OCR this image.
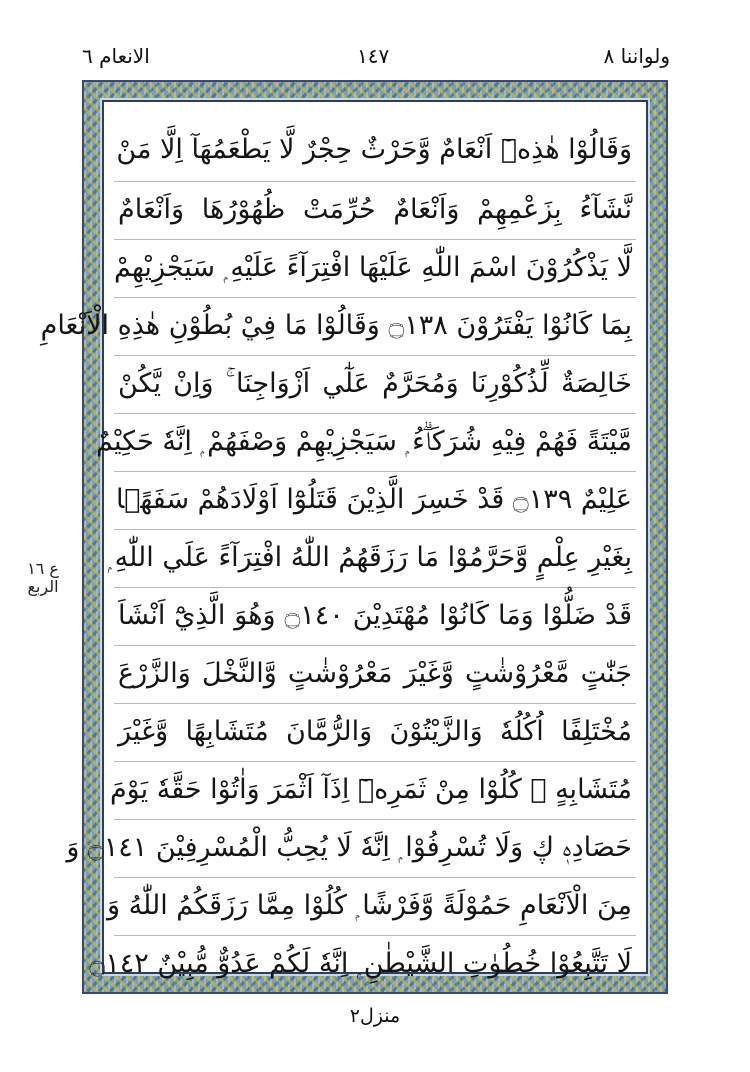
ولواننا ٨
١٤٧
الانعام ٦
ع ١٦
الربع
وَقَالُوْا هٰذِهٖٓ اَنْعَامٌ وَّحَرْثٌ حِجْرٌ لَّا يَطْعَمُهَآ اِلَّا مَنْ
نَّشَآءُ بِزَعْمِهِمْ وَاَنْعَامٌ حُرِّمَتْ ظُهُوْرُهَا وَاَنْعَامٌ
لَّا يَذْكُرُوْنَ اسْمَ اللّٰهِ عَلَيْهَا افْتِرَآءً عَلَيْهِ ۭ سَيَجْزِيْهِمْ
بِمَا كَانُوْا يَفْتَرُوْنَ ۝١٣٨ وَقَالُوْا مَا فِيْ بُطُوْنِ هٰذِهِ الْاَنْعَامِ
خَالِصَةٌ لِّذُكُوْرِنَا وَمُحَرَّمٌ عَلٰٓي اَزْوَاجِنَا ۚ وَاِنْ يَّكُنْ
مَّيْتَةً فَهُمْ فِيْهِ شُرَكَاۗءُ ۭ سَيَجْزِيْهِمْ وَصْفَهُمْ ۭ اِنَّهٗ حَكِيْمٌ
عَلِيْمٌ ۝١٣٩ قَدْ خَسِرَ الَّذِيْنَ قَتَلُوْٓا اَوْلَادَهُمْ سَفَهًۢا
بِغَيْرِ عِلْمٍ وَّحَرَّمُوْا مَا رَزَقَهُمُ اللّٰهُ افْتِرَآءً عَلَي اللّٰهِ ۭ
قَدْ ضَلُّوْا وَمَا كَانُوْا مُهْتَدِيْنَ ۝١٤٠ وَهُوَ الَّذِيْٓ اَنْشَاَ
جَنّٰتٍ مَّعْرُوْشٰتٍ وَّغَيْرَ مَعْرُوْشٰتٍ وَّالنَّخْلَ وَالزَّرْعَ
مُخْتَلِفًا اُكُلُهٗ وَالزَّيْتُوْنَ وَالرُّمَّانَ مُتَشَابِهًا وَّغَيْرَ
مُتَشَابِهٍ ۭ كُلُوْا مِنْ ثَمَرِهٖٓ اِذَآ اَثْمَرَ وَاٰتُوْا حَقَّهٗ يَوْمَ
حَصَادِهٖ ڮ وَلَا تُسْرِفُوْا ۭ اِنَّهٗ لَا يُحِبُّ الْمُسْرِفِيْنَ ۝١٤١ وَ
مِنَ الْاَنْعَامِ حَمُوْلَةً وَّفَرْشًا ۭ كُلُوْا مِمَّا رَزَقَكُمُ اللّٰهُ وَ
لَا تَتَّبِعُوْا خُطُوٰتِ الشَّيْطٰنِ ۭ اِنَّهٗ لَكُمْ عَدُوٌّ مُّبِيْنٌ ۝١٤٢
منزل٢
